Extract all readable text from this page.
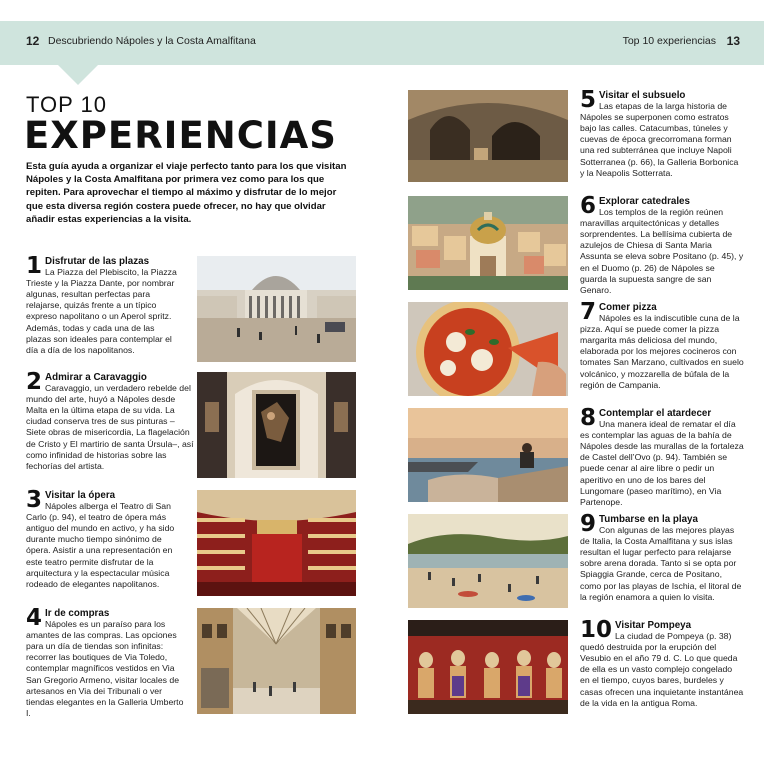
12 Descubriendo Nápoles y la Costa Amalfitana	Top 10 experiencias 13
TOP 10
EXPERIENCIAS
Esta guía ayuda a organizar el viaje perfecto tanto para los que visitan Nápoles y la Costa Amalfitana por primera vez como para los que repiten. Para aprovechar el tiempo al máximo y disfrutar de lo mejor que esta diversa región costera puede ofrecer, no hay que olvidar añadir estas experiencias a la visita.
1 Disfrutar de las plazas
La Piazza del Plebiscito, la Piazza Trieste y la Piazza Dante, por nombrar algunas, resultan perfectas para relajarse, quizás frente a un típico expreso napolitano o un Aperol spritz. Además, todas y cada una de las plazas son ideales para contemplar el día a día de los napolitanos.
2 Admirar a Caravaggio
Caravaggio, un verdadero rebelde del mundo del arte, huyó a Nápoles desde Malta en la última etapa de su vida. La ciudad conserva tres de sus pinturas –Siete obras de misericordia, La flagelación de Cristo y El martirio de santa Úrsula–, así como infinidad de historias sobre las fechorías del artista.
3 Visitar la ópera
Nápoles alberga el Teatro di San Carlo (p. 94), el teatro de ópera más antiguo del mundo en activo, y ha sido durante mucho tiempo sinónimo de ópera. Asistir a una representación en este teatro permite disfrutar de la arquitectura y la espectacular música rodeado de elegantes napolitanos.
4 Ir de compras
Nápoles es un paraíso para los amantes de las compras. Las opciones para un día de tiendas son infinitas: recorrer las boutiques de Via Toledo, contemplar magníficos vestidos en Via San Gregorio Armeno, visitar locales de artesanos en Via dei Tribunali o ver tiendas elegantes en la Galleria Umberto I.
5 Visitar el subsuelo
Las etapas de la larga historia de Nápoles se superponen como estratos bajo las calles. Catacumbas, túneles y cuevas de época grecorromana forman una red subterránea que incluye Napoli Sotterranea (p. 66), la Galleria Borbonica y la Neapolis Sotterrata.
6 Explorar catedrales
Los templos de la región reúnen maravillas arquitectónicas y detalles sorprendentes. La bellísima cubierta de azulejos de Chiesa di Santa Maria Assunta se eleva sobre Positano (p. 45), y en el Duomo (p. 26) de Nápoles se guarda la supuesta sangre de san Genaro.
7 Comer pizza
Nápoles es la indiscutible cuna de la pizza. Aquí se puede comer la pizza margarita más deliciosa del mundo, elaborada por los mejores cocineros con tomates San Marzano, cultivados en suelo volcánico, y mozzarella de búfala de la región de Campania.
8 Contemplar el atardecer
Una manera ideal de rematar el día es contemplar las aguas de la bahía de Nápoles desde las murallas de la fortaleza de Castel dell’Ovo (p. 94). También se puede cenar al aire libre o pedir un aperitivo en uno de los bares del Lungomare (paseo marítimo), en Via Partenope.
9 Tumbarse en la playa
Con algunas de las mejores playas de Italia, la Costa Amalfitana y sus islas resultan el lugar perfecto para relajarse sobre arena dorada. Tanto si se opta por Spiaggia Grande, cerca de Positano, como por las playas de Ischia, el litoral de la región enamora a quien lo visita.
10 Visitar Pompeya
La ciudad de Pompeya (p. 38) quedó destruida por la erupción del Vesubio en el año 79 d. C. Lo que queda de ella es un vasto complejo congelado en el tiempo, cuyos bares, burdeles y casas ofrecen una inquietante instantánea de la vida en la antigua Roma.
